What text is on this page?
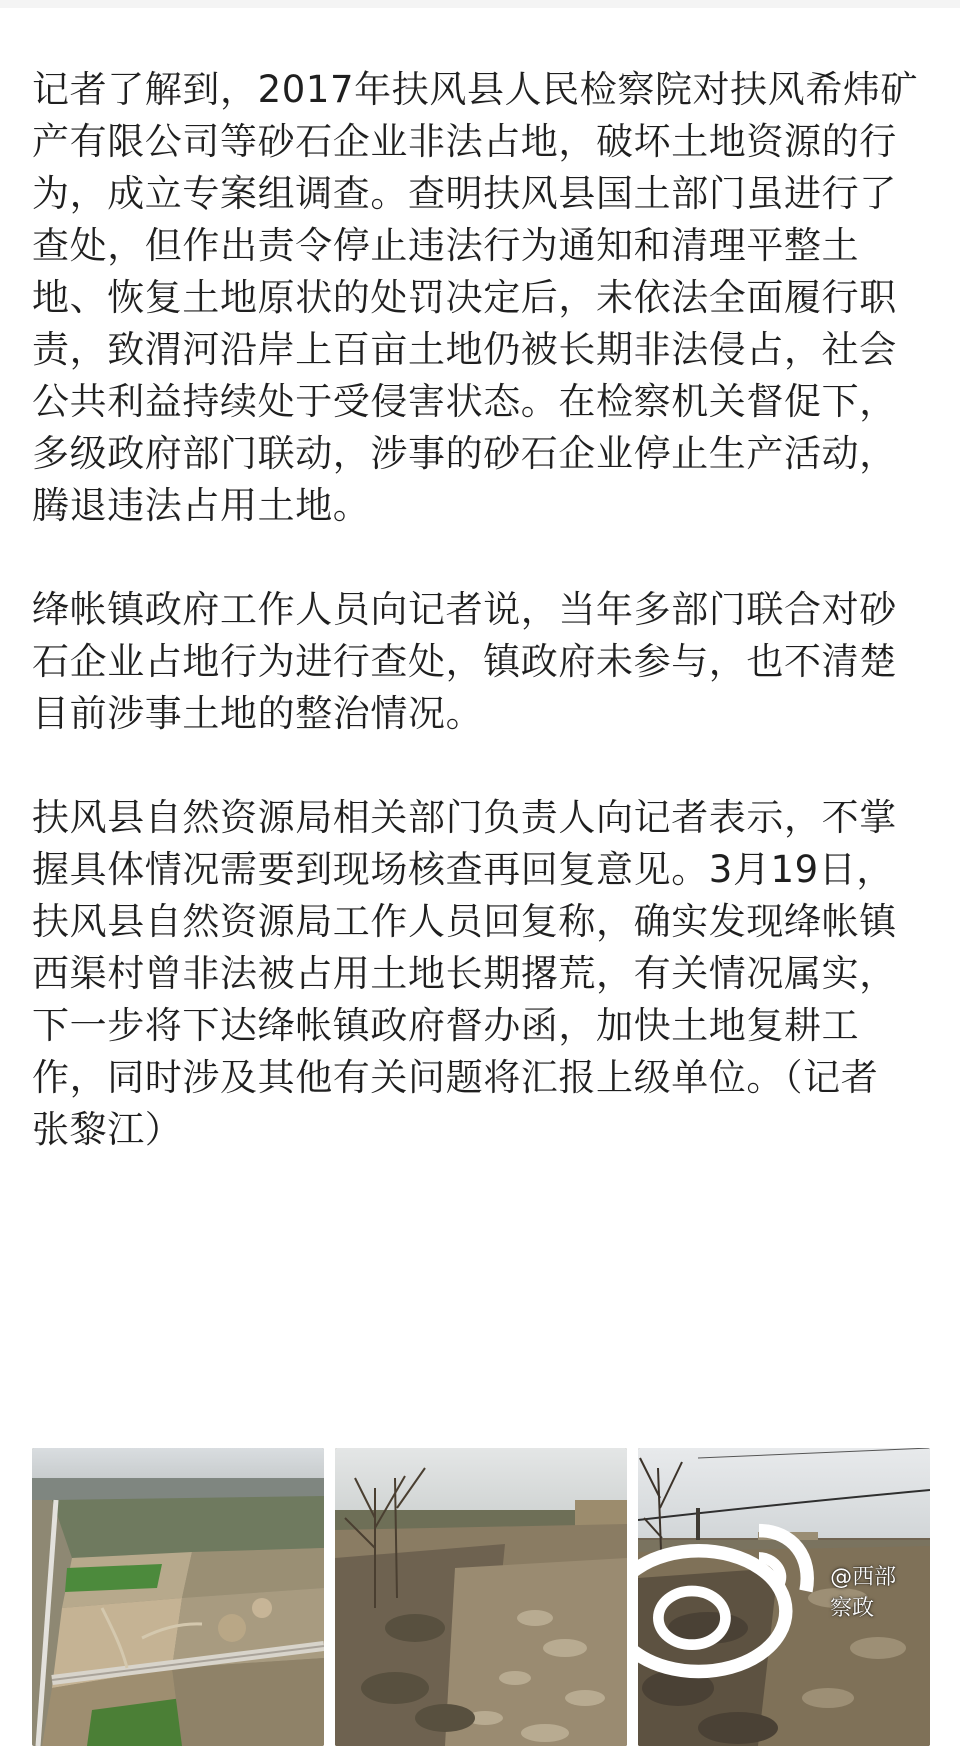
记者了解到，2017年扶风县人民检察院对扶风希炜矿产有限公司等砂石企业非法占地，破坏土地资源的行为，成立专案组调查。查明扶风县国土部门虽进行了查处，但作出责令停止违法行为通知和清理平整土地、恢复土地原状的处罚决定后，未依法全面履行职责，致渭河沿岸上百亩土地仍被长期非法侵占，社会公共利益持续处于受侵害状态。在检察机关督促下，多级政府部门联动，涉事的砂石企业停止生产活动，腾退违法占用土地。

绛帐镇政府工作人员向记者说，当年多部门联合对砂石企业占地行为进行查处，镇政府未参与，也不清楚目前涉事土地的整治情况。

扶风县自然资源局相关部门负责人向记者表示，不掌握具体情况需要到现场核查再回复意见。3月19日，扶风县自然资源局工作人员回复称，确实发现绛帐镇西渠村曾非法被占用土地长期撂荒，有关情况属实，下一步将下达绛帐镇政府督办函，加快土地复耕工作，同时涉及其他有关问题将汇报上级单位。（记者 张黎江）

@西部察政
